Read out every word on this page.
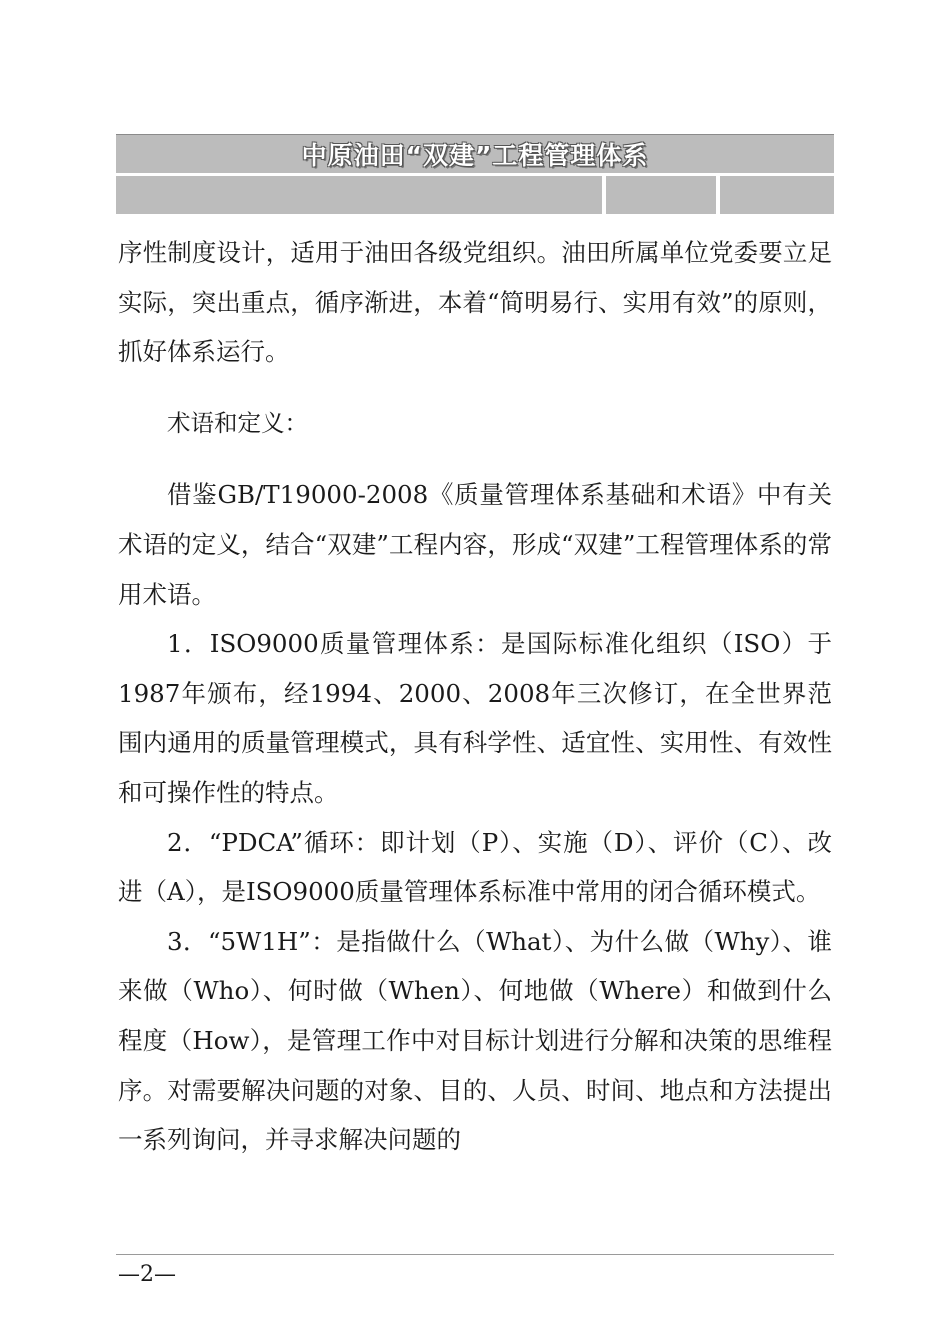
中原油田“双建”工程管理体系

序性制度设计，适用于油田各级党组织。油田所属单位党委要立足实际，突出重点，循序渐进，本着“简明易行、实用有效”的原则，抓好体系运行。

术语和定义：

借鉴GB/T19000-2008《质量管理体系基础和术语》中有关术语的定义，结合“双建”工程内容，形成“双建”工程管理体系的常用术语。

1．ISO9000质量管理体系：是国际标准化组织（ISO）于1987年颁布，经1994、2000、2008年三次修订，在全世界范围内通用的质量管理模式，具有科学性、适宜性、实用性、有效性和可操作性的特点。

2．“PDCA”循环：即计划（P）、实施（D）、评价（C）、改进（A），是ISO9000质量管理体系标准中常用的闭合循环模式。

3．“5W1H”：是指做什么（What）、为什么做（Why）、谁来做（Who）、何时做（When）、何地做（Where）和做到什么程度（How），是管理工作中对目标计划进行分解和决策的思维程序。对需要解决问题的对象、目的、人员、时间、地点和方法提出一系列询问，并寻求解决问题的

—2—
